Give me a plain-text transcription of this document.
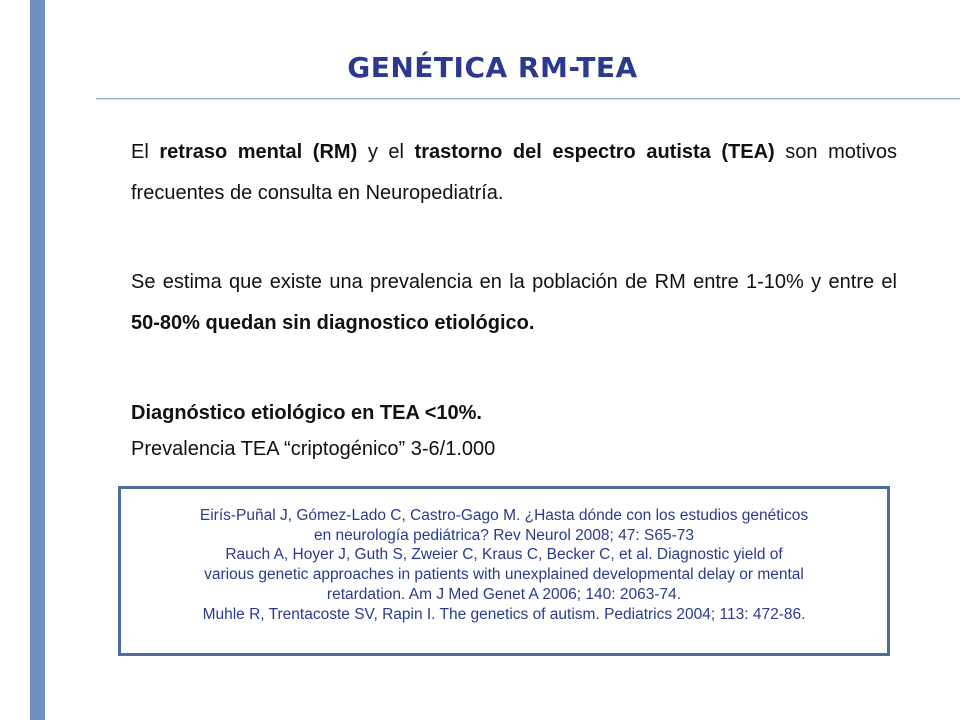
GENÉTICA RM-TEA

El retraso mental (RM) y el trastorno del espectro autista (TEA) son motivos frecuentes de consulta en Neuropediatría.

Se estima que existe una prevalencia en la población de RM entre 1-10% y entre el 50-80% quedan sin diagnostico etiológico.

Diagnóstico etiológico en TEA <10%.
Prevalencia TEA “criptogénico” 3-6/1.000
Eirís-Puñal J, Gómez-Lado C, Castro-Gago M. ¿Hasta dónde con los estudios genéticos
en neurología pediátrica? Rev Neurol 2008; 47: S65-73
Rauch A, Hoyer J, Guth S, Zweier C, Kraus C, Becker C, et al. Diagnostic yield of
various genetic approaches in patients with unexplained developmental delay or mental
retardation. Am J Med Genet A 2006; 140: 2063-74.
Muhle R, Trentacoste SV, Rapin I. The genetics of autism. Pediatrics 2004; 113: 472-86.
